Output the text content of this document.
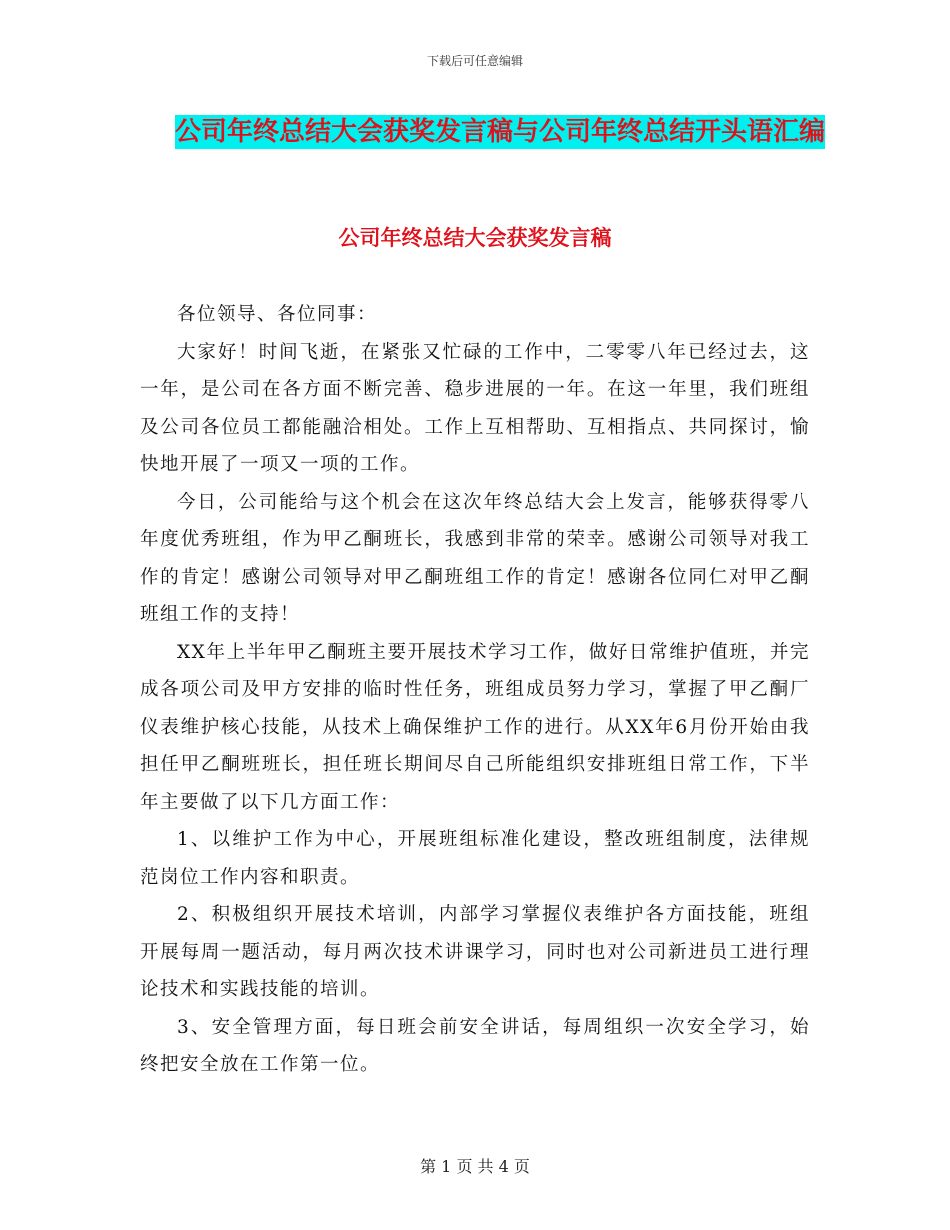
下载后可任意编辑
公司年终总结大会获奖发言稿与公司年终总结开头语汇编
公司年终总结大会获奖发言稿

各位领导、各位同事：

大家好！时间飞逝，在紧张又忙碌的工作中，二零零八年已经过去，这一年，是公司在各方面不断完善、稳步进展的一年。在这一年里，我们班组及公司各位员工都能融洽相处。工作上互相帮助、互相指点、共同探讨，愉快地开展了一项又一项的工作。

今日，公司能给与这个机会在这次年终总结大会上发言，能够获得零八年度优秀班组，作为甲乙酮班长，我感到非常的荣幸。感谢公司领导对我工作的肯定！感谢公司领导对甲乙酮班组工作的肯定！感谢各位同仁对甲乙酮班组工作的支持！

XX年上半年甲乙酮班主要开展技术学习工作，做好日常维护值班，并完成各项公司及甲方安排的临时性任务，班组成员努力学习，掌握了甲乙酮厂仪表维护核心技能，从技术上确保维护工作的进行。从XX年6月份开始由我担任甲乙酮班班长，担任班长期间尽自己所能组织安排班组日常工作，下半年主要做了以下几方面工作：

1、以维护工作为中心，开展班组标准化建设，整改班组制度，法律规范岗位工作内容和职责。

2、积极组织开展技术培训，内部学习掌握仪表维护各方面技能，班组开展每周一题活动，每月两次技术讲课学习，同时也对公司新进员工进行理论技术和实践技能的培训。

3、安全管理方面，每日班会前安全讲话，每周组织一次安全学习，始终把安全放在工作第一位。

第 1 页 共 4 页
